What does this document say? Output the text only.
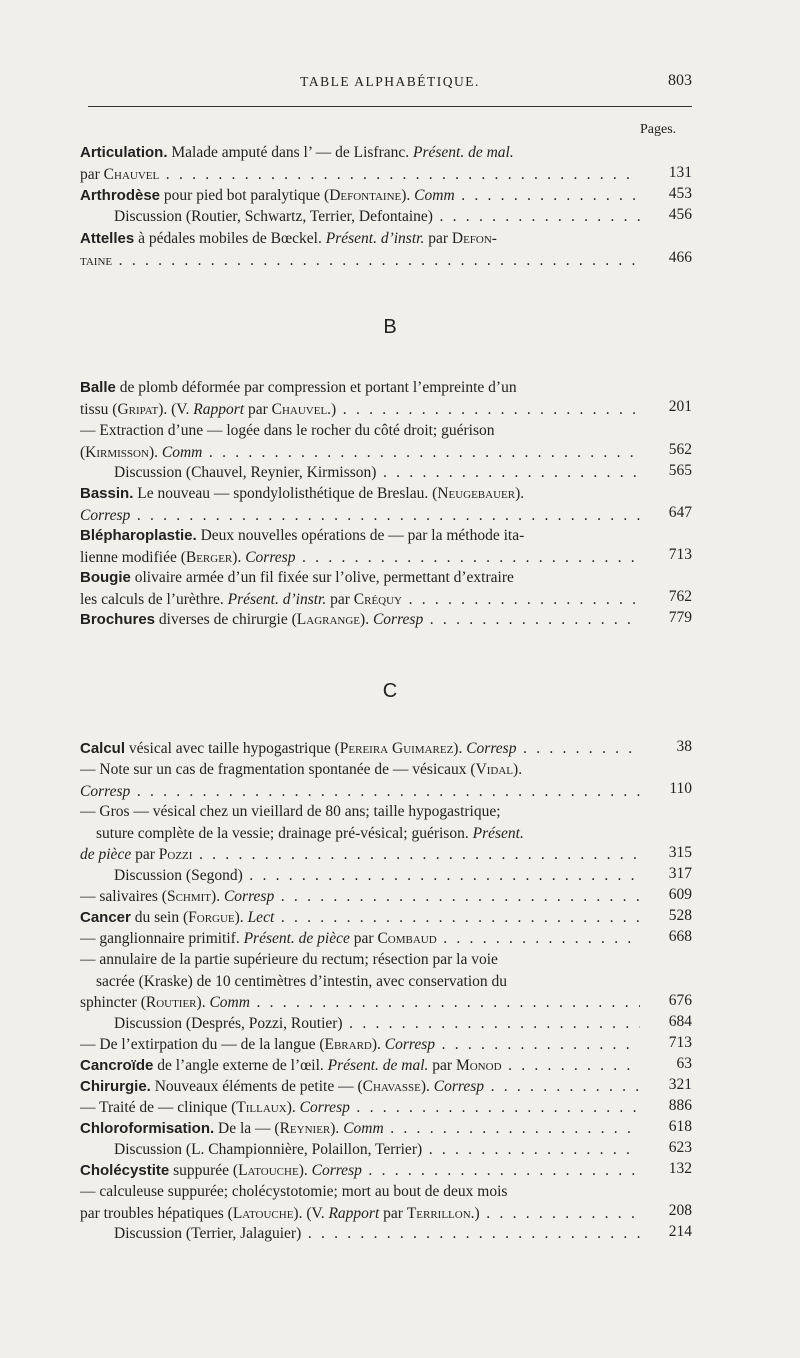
TABLE ALPHABÉTIQUE.	803
Pages.
B
C
Articulation. Malade amputé dans l’ — de Lisfranc. Présent. de mal.
par Chauvel . . .	131
Arthrodèse pour pied bot paralytique (Defontaine). Comm . . .	453
Discussion (Routier, Schwartz, Terrier, Defontaine) . . .	456
Attelles à pédales mobiles de Bœckel. Présent. d’instr. par Defon-
taine . . .	466
Balle de plomb déformée par compression et portant l’empreinte d’un
tissu (Gripat). (V. Rapport par Chauvel.) . . .	201
— Extraction d’une — logée dans le rocher du côté droit; guérison
(Kirmisson). Comm . . .	562
Discussion (Chauvel, Reynier, Kirmisson) . . .	565
Bassin. Le nouveau — spondylolisthétique de Breslau. (Neugebauer).
Corresp . . .	647
Blépharoplastie. Deux nouvelles opérations de — par la méthode ita-
lienne modifiée (Berger). Corresp . . .	713
Bougie olivaire armée d’un fil fixée sur l’olive, permettant d’extraire
les calculs de l’urèthre. Présent. d’instr. par Créquy . . .	762
Brochures diverses de chirurgie (Lagrange). Corresp . . .	779
Calcul vésical avec taille hypogastrique (Pereira Guimarez). Corresp . . .	38
— Note sur un cas de fragmentation spontanée de — vésicaux (Vidal).
Corresp . . .	110
— Gros — vésical chez un vieillard de 80 ans; taille hypogastrique;
suture complète de la vessie; drainage pré-vésical; guérison. Présent.
de pièce par Pozzi . . .	315
Discussion (Segond) . . .	317
— salivaires (Schmit). Corresp . . .	609
Cancer du sein (Forgue). Lect . . .	528
— ganglionnaire primitif. Présent. de pièce par Combaud . . .	668
— annulaire de la partie supérieure du rectum; résection par la voie
sacrée (Kraske) de 10 centimètres d’intestin, avec conservation du
sphincter (Routier). Comm . . .	676
Discussion (Després, Pozzi, Routier) . . .	684
— De l’extirpation du — de la langue (Ebrard). Corresp . . .	713
Cancroïde de l’angle externe de l’œil. Présent. de mal. par Monod . . .	63
Chirurgie. Nouveaux éléments de petite — (Chavasse). Corresp . . .	321
— Traité de — clinique (Tillaux). Corresp . . .	886
Chloroformisation. De la — (Reynier). Comm . . .	618
Discussion (L. Championnière, Polaillon, Terrier) . . .	623
Cholécystite suppurée (Latouche). Corresp . . .	132
— calculeuse suppurée; cholécystotomie; mort au bout de deux mois
par troubles hépatiques (Latouche). (V. Rapport par Terrillon.) . . .	208
Discussion (Terrier, Jalaguier) . . .	214
